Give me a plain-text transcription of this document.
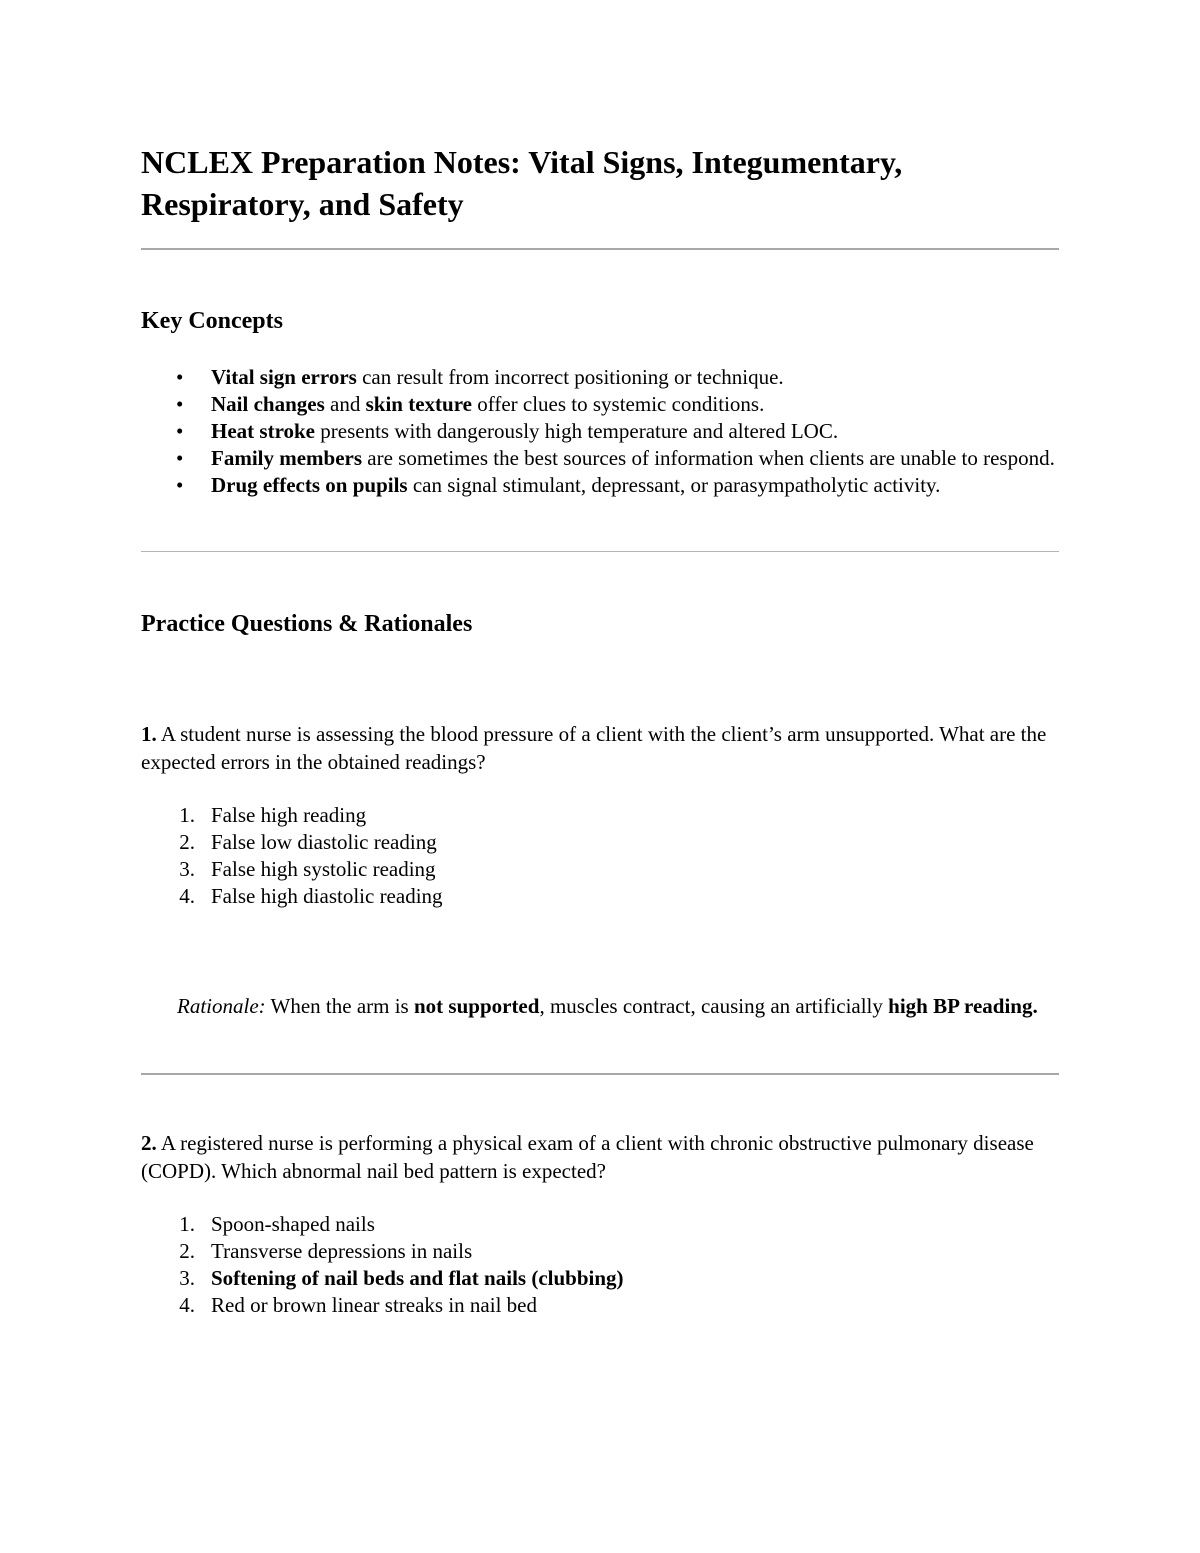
NCLEX Preparation Notes: Vital Signs, Integumentary, Respiratory, and Safety
Key Concepts
• Vital sign errors can result from incorrect positioning or technique.
• Nail changes and skin texture offer clues to systemic conditions.
• Heat stroke presents with dangerously high temperature and altered LOC.
• Family members are sometimes the best sources of information when clients are unable to respond.
• Drug effects on pupils can signal stimulant, depressant, or parasympatholytic activity.
Practice Questions & Rationales

1. A student nurse is assessing the blood pressure of a client with the client’s arm unsupported. What are the expected errors in the obtained readings?

1. False high reading
2. False low diastolic reading
3. False high systolic reading
4. False high diastolic reading

Rationale: When the arm is not supported, muscles contract, causing an artificially high BP reading.

2. A registered nurse is performing a physical exam of a client with chronic obstructive pulmonary disease (COPD). Which abnormal nail bed pattern is expected?

1. Spoon-shaped nails
2. Transverse depressions in nails
3. Softening of nail beds and flat nails (clubbing)
4. Red or brown linear streaks in nail bed
